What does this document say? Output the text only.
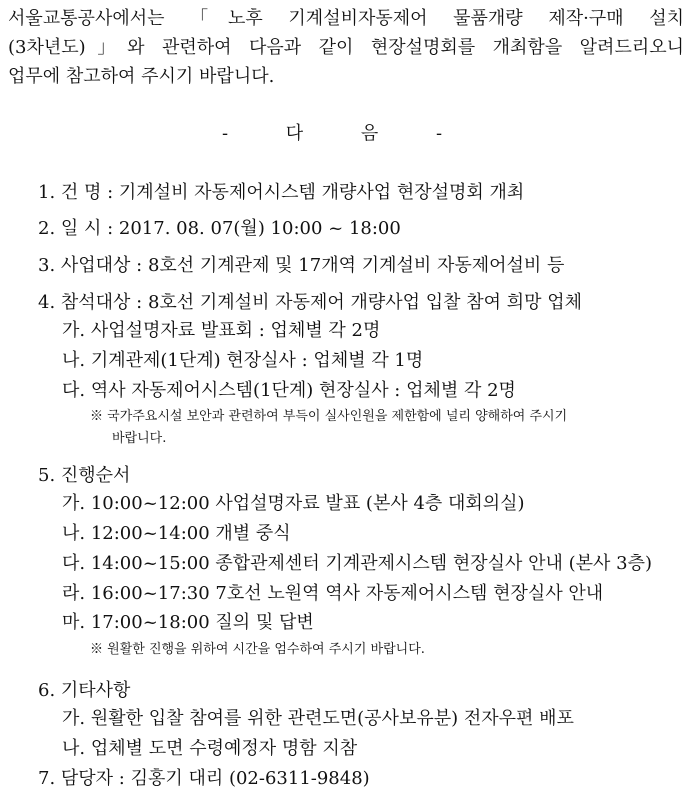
서울교통공사에서는 「노후 기계설비자동제어 물품개량 제작·구매 설치
(3차년도)」와 관련하여 다음과 같이 현장설명회를 개최함을 알려드리오니
업무에 참고하여 주시기 바랍니다.
- 다 음 -
1. 건 명 : 기계설비 자동제어시스템 개량사업 현장설명회 개최
2. 일 시 : 2017. 08. 07(월) 10:00 ~ 18:00
3. 사업대상 : 8호선 기계관제 및 17개역 기계설비 자동제어설비 등
4. 참석대상 : 8호선 기계설비 자동제어 개량사업 입찰 참여 희망 업체
가. 사업설명자료 발표회 : 업체별 각 2명
나. 기계관제(1단계) 현장실사 : 업체별 각 1명
다. 역사 자동제어시스템(1단계) 현장실사 : 업체별 각 2명
※ 국가주요시설 보안과 관련하여 부득이 실사인원을 제한함에 널리 양해하여 주시기
바랍니다.
5. 진행순서
가. 10:00~12:00 사업설명자료 발표 (본사 4층 대회의실)
나. 12:00~14:00 개별 중식
다. 14:00~15:00 종합관제센터 기계관제시스템 현장실사 안내 (본사 3층)
라. 16:00~17:30 7호선 노원역 역사 자동제어시스템 현장실사 안내
마. 17:00~18:00 질의 및 답변
※ 원활한 진행을 위하여 시간을 엄수하여 주시기 바랍니다.
6. 기타사항
가. 원활한 입찰 참여를 위한 관련도면(공사보유분) 전자우편 배포
나. 업체별 도면 수령예정자 명함 지참
7. 담당자 : 김홍기 대리 (02-6311-9848)
